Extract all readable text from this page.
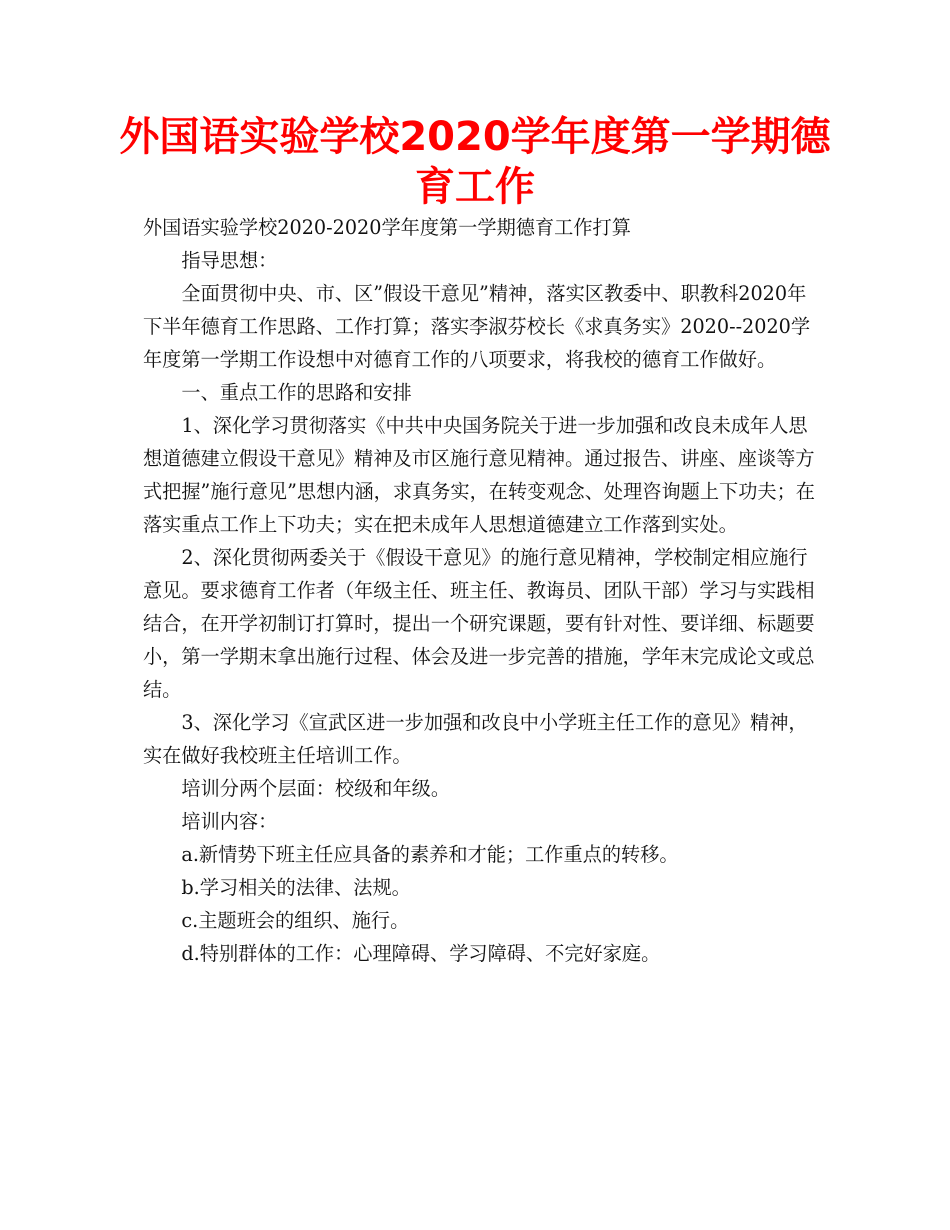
外国语实验学校2020学年度第一学期德育工作

外国语实验学校2020-2020学年度第一学期德育工作打算

指导思想：

全面贯彻中央、市、区”假设干意见”精神，落实区教委中、职教科2020年下半年德育工作思路、工作打算；落实李淑芬校长《求真务实》2020--2020学年度第一学期工作设想中对德育工作的八项要求，将我校的德育工作做好。

一、重点工作的思路和安排

1、深化学习贯彻落实《中共中央国务院关于进一步加强和改良未成年人思想道德建立假设干意见》精神及市区施行意见精神。通过报告、讲座、座谈等方式把握”施行意见”思想内涵，求真务实，在转变观念、处理咨询题上下功夫；在落实重点工作上下功夫；实在把未成年人思想道德建立工作落到实处。

2、深化贯彻两委关于《假设干意见》的施行意见精神，学校制定相应施行意见。要求德育工作者（年级主任、班主任、教诲员、团队干部）学习与实践相结合，在开学初制订打算时，提出一个研究课题，要有针对性、要详细、标题要小，第一学期末拿出施行过程、体会及进一步完善的措施，学年末完成论文或总结。

3、深化学习《宣武区进一步加强和改良中小学班主任工作的意见》精神，实在做好我校班主任培训工作。

培训分两个层面：校级和年级。

培训内容：

a.新情势下班主任应具备的素养和才能；工作重点的转移。

b.学习相关的法律、法规。

c.主题班会的组织、施行。

d.特别群体的工作：心理障碍、学习障碍、不完好家庭。
